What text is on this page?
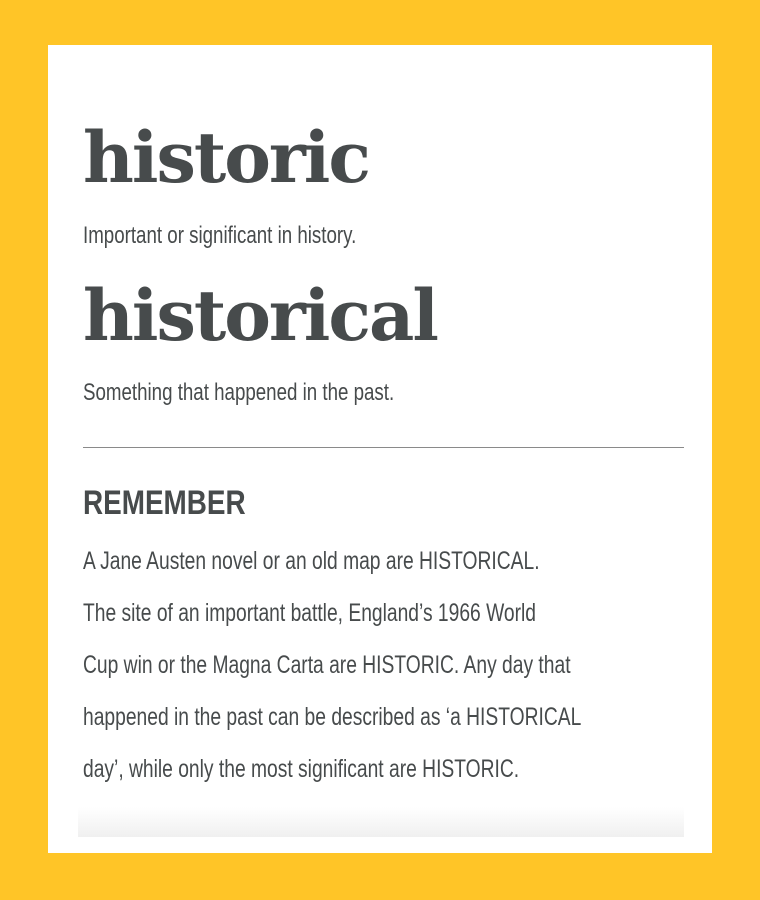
historic

Important or significant in history.

historical

Something that happened in the past.

REMEMBER

A Jane Austen novel or an old map are HISTORICAL.
The site of an important battle, England’s 1966 World
Cup win or the Magna Carta are HISTORIC. Any day that
happened in the past can be described as ‘a HISTORICAL
day’, while only the most significant are HISTORIC.
